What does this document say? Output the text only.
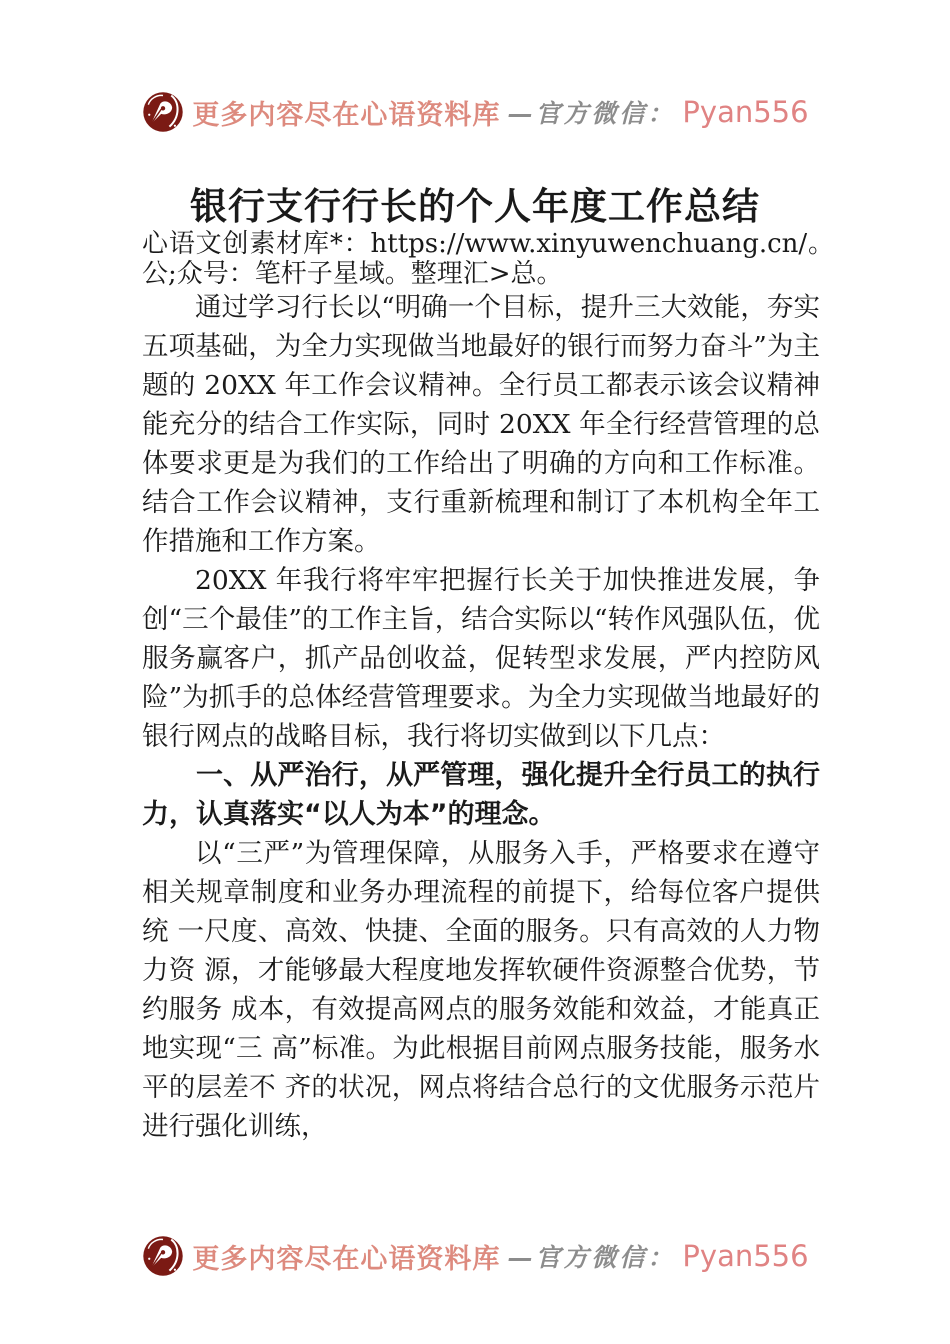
更多内容尽在心语资料库 —官方微信： Pyan556
银行支行行长的个人年度工作总结

心语文创素材库*：https://www.xinyuwenchuang.cn/。公;众号：笔杆子星域。整理汇>总。

通过学习行长以“明确一个目标，提升三大效能，夯实五项基础，为全力实现做当地最好的银行而努力奋斗”为主题的 20XX 年工作会议精神。全行员工都表示该会议精神能充分的结合工作实际，同时 20XX 年全行经营管理的总体要求更是为我们的工作给出了明确的方向和工作标准。结合工作会议精神，支行重新梳理和制订了本机构全年工作措施和工作方案。

20XX 年我行将牢牢把握行长关于加快推进发展，争创“三个最佳”的工作主旨，结合实际以“转作风强队伍，优服务赢客户，抓产品创收益，促转型求发展，严内控防风险”为抓手的总体经营管理要求。为全力实现做当地最好的银行网点的战略目标，我行将切实做到以下几点：

一、从严治行，从严管理，强化提升全行员工的执行力，认真落实“以人为本”的理念。

以“三严”为管理保障，从服务入手，严格要求在遵守相关规章制度和业务办理流程的前提下，给每位客户提供统 一尺度、高效、快捷、全面的服务。只有高效的人力物力资 源，才能够最大程度地发挥软硬件资源整合优势，节约服务 成本，有效提高网点的服务效能和效益，才能真正地实现“三 高”标准。为此根据目前网点服务技能，服务水平的层差不 齐的状况，网点将结合总行的文优服务示范片进行强化训练，

更多内容尽在心语资料库 —官方微信： Pyan556
